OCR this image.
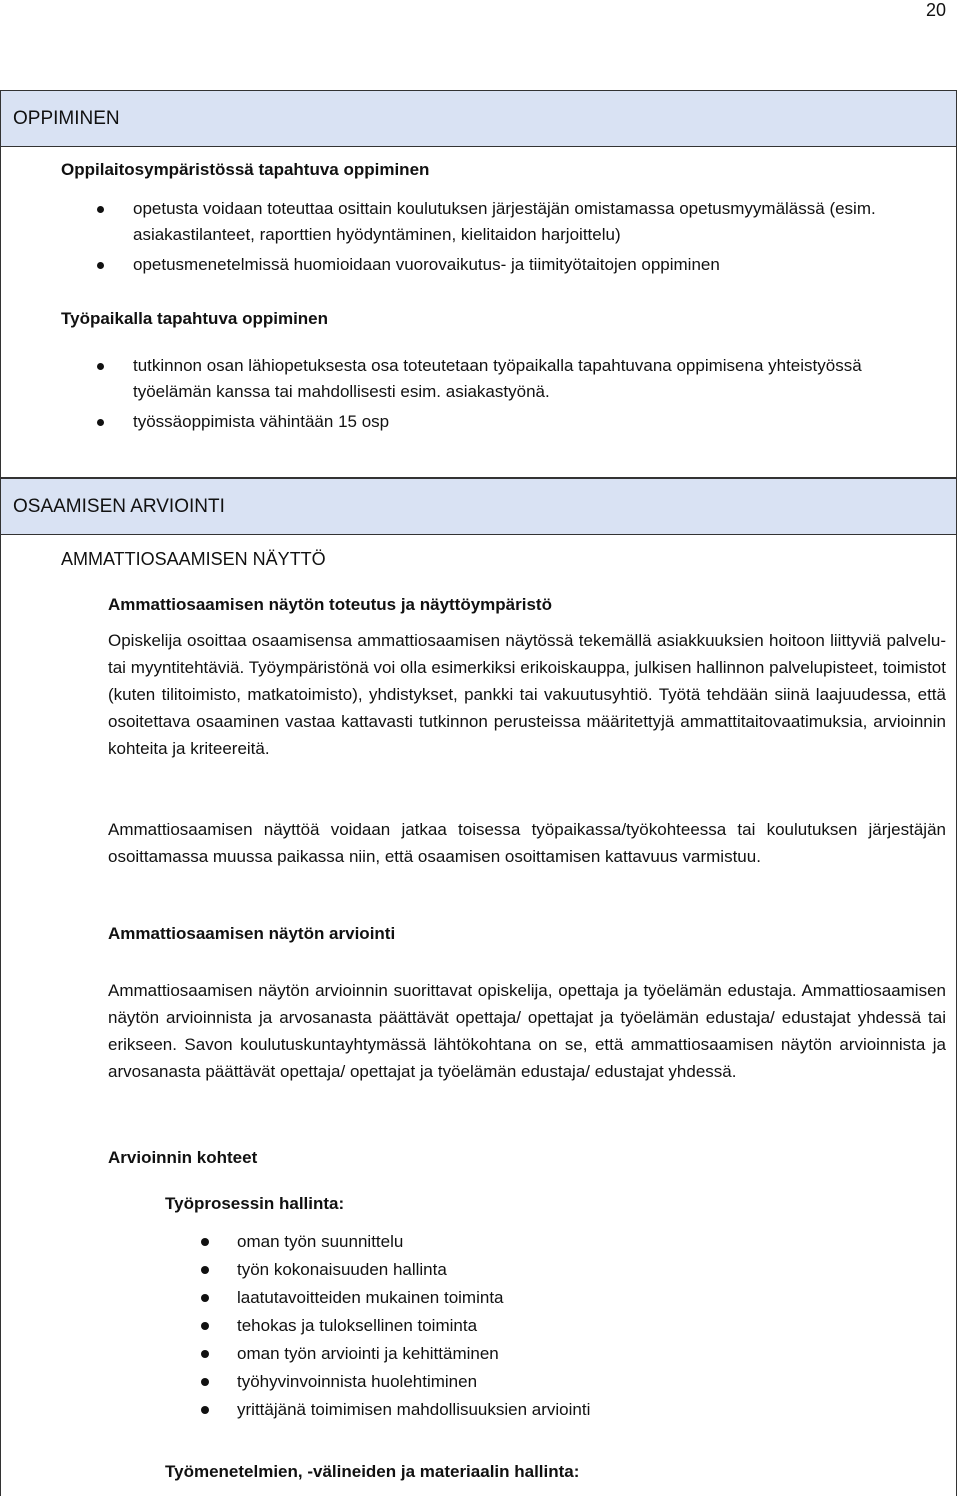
20
OPPIMINEN
Oppilaitosympäristössä tapahtuva oppiminen
opetusta voidaan toteuttaa osittain koulutuksen järjestäjän omistamassa opetusmyymälässä (esim. asiakastilanteet, raporttien hyödyntäminen, kielitaidon harjoittelu)
opetusmenetelmissä huomioidaan vuorovaikutus- ja tiimityötaitojen oppiminen
Työpaikalla tapahtuva oppiminen
tutkinnon osan lähiopetuksesta osa toteutetaan työpaikalla tapahtuvana oppimisena yhteistyössä työelämän kanssa tai mahdollisesti esim. asiakastyönä.
työssäoppimista vähintään 15 osp
OSAAMISEN ARVIOINTI
AMMATTIOSAAMISEN NÄYTTÖ
Ammattiosaamisen näytön toteutus ja näyttöympäristö
Opiskelija osoittaa osaamisensa ammattiosaamisen näytössä tekemällä asiakkuuksien hoitoon liittyviä palvelu- tai myyntitehtäviä. Työympäristönä voi olla esimerkiksi erikoiskauppa, julkisen hallinnon palvelupisteet, toimistot (kuten tilitoimisto, matkatoimisto), yhdistykset, pankki tai vakuutusyhtiö. Työtä tehdään siinä laajuudessa, että osoitettava osaaminen vastaa kattavasti tutkinnon perusteissa määritettyjä ammattitaitovaatimuksia, arvioinnin kohteita ja kriteereitä.
Ammattiosaamisen näyttöä voidaan jatkaa toisessa työpaikassa/työkohteessa tai koulutuksen järjestäjän osoittamassa muussa paikassa niin, että osaamisen osoittamisen kattavuus varmistuu.
Ammattiosaamisen näytön arviointi
Ammattiosaamisen näytön arvioinnin suorittavat opiskelija, opettaja ja työelämän edustaja. Ammattiosaamisen näytön arvioinnista ja arvosanasta päättävät opettaja/ opettajat ja työelämän edustaja/ edustajat yhdessä tai erikseen. Savon koulutuskuntayhtymässä lähtökohtana on se, että ammattiosaamisen näytön arvioinnista ja arvosanasta päättävät opettaja/ opettajat ja työelämän edustaja/ edustajat yhdessä.
Arvioinnin kohteet
Työprosessin hallinta:
oman työn suunnittelu
työn kokonaisuuden hallinta
laatutavoitteiden mukainen toiminta
tehokas ja tuloksellinen toiminta
oman työn arviointi ja kehittäminen
työhyvinvoinnista huolehtiminen
yrittäjänä toimimisen mahdollisuuksien arviointi
Työmenetelmien, -välineiden ja materiaalin hallinta:
